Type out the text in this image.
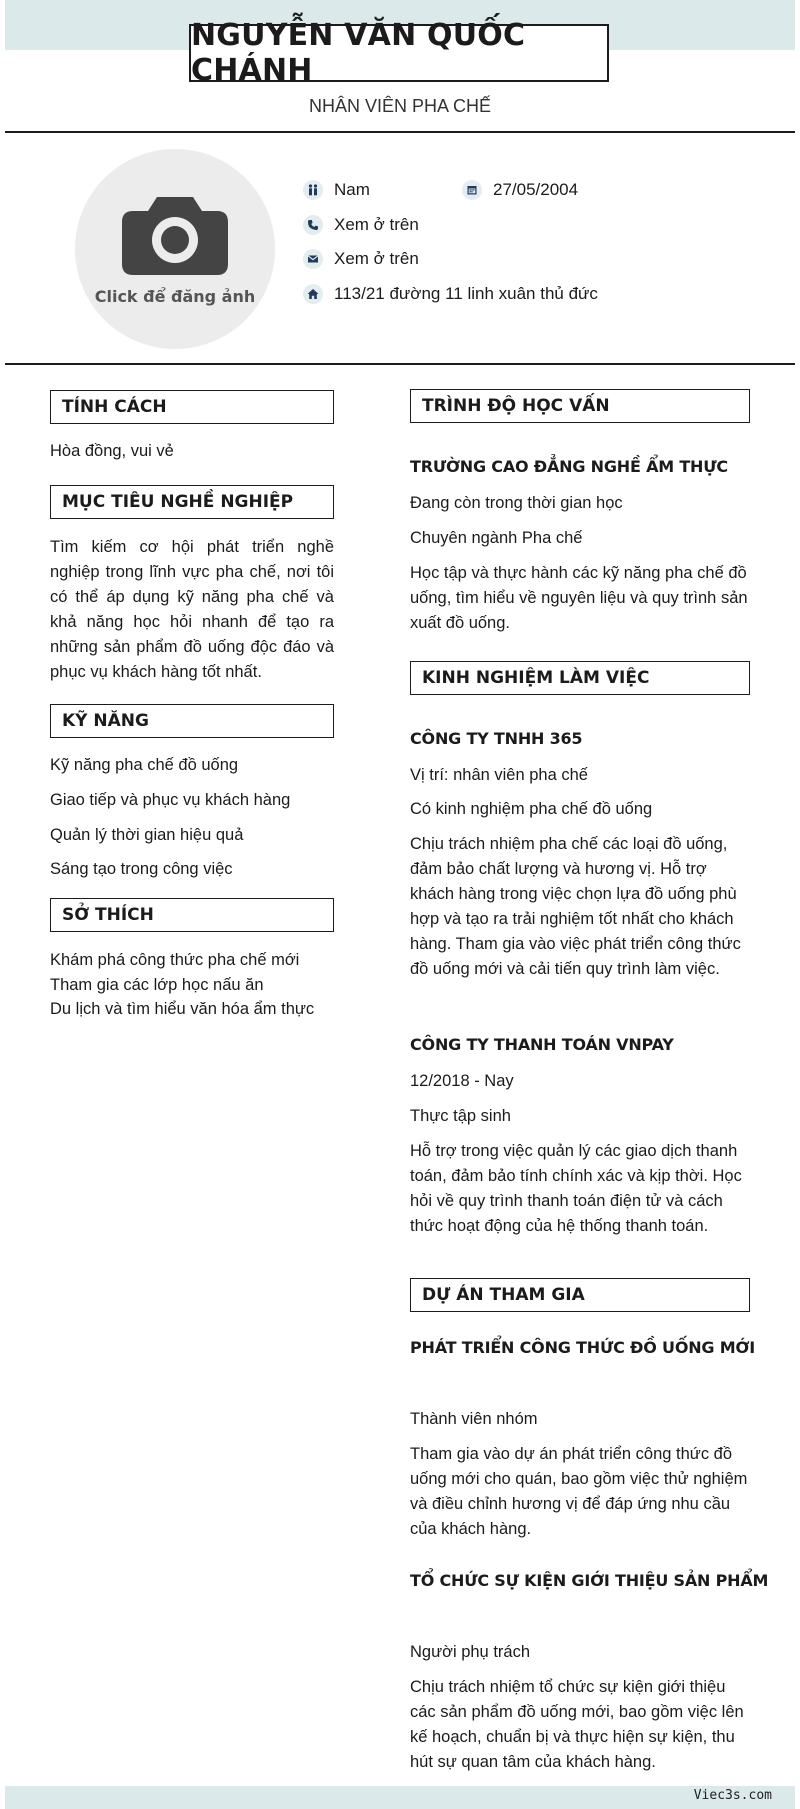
NGUYỄN VĂN QUỐC CHÁNH
NHÂN VIÊN PHA CHẾ
Click để đăng ảnh
Nam	27/05/2004
Xem ở trên
Xem ở trên
113/21 đường 11 linh xuân thủ đức
TÍNH CÁCH
Hòa đồng, vui vẻ
MỤC TIÊU NGHỀ NGHIỆP
Tìm kiếm cơ hội phát triển nghề nghiệp trong lĩnh vực pha chế, nơi tôi có thể áp dụng kỹ năng pha chế và khả năng học hỏi nhanh để tạo ra những sản phẩm đồ uống độc đáo và phục vụ khách hàng tốt nhất.
KỸ NĂNG
Kỹ năng pha chế đồ uống
Giao tiếp và phục vụ khách hàng
Quản lý thời gian hiệu quả
Sáng tạo trong công việc
SỞ THÍCH
Khám phá công thức pha chế mới
Tham gia các lớp học nấu ăn
Du lịch và tìm hiểu văn hóa ẩm thực
TRÌNH ĐỘ HỌC VẤN
TRƯỜNG CAO ĐẲNG NGHỀ ẨM THỰC
Đang còn trong thời gian học
Chuyên ngành Pha chế
Học tập và thực hành các kỹ năng pha chế đồ uống, tìm hiểu về nguyên liệu và quy trình sản xuất đồ uống.
KINH NGHIỆM LÀM VIỆC
CÔNG TY TNHH 365
Vị trí: nhân viên pha chế
Có kinh nghiệm pha chế đồ uống
Chịu trách nhiệm pha chế các loại đồ uống, đảm bảo chất lượng và hương vị. Hỗ trợ khách hàng trong việc chọn lựa đồ uống phù hợp và tạo ra trải nghiệm tốt nhất cho khách hàng. Tham gia vào việc phát triển công thức đồ uống mới và cải tiến quy trình làm việc.
CÔNG TY THANH TOÁN VNPAY
12/2018 - Nay
Thực tập sinh
Hỗ trợ trong việc quản lý các giao dịch thanh toán, đảm bảo tính chính xác và kịp thời. Học hỏi về quy trình thanh toán điện tử và cách thức hoạt động của hệ thống thanh toán.
DỰ ÁN THAM GIA
PHÁT TRIỂN CÔNG THỨC ĐỒ UỐNG MỚI
Thành viên nhóm
Tham gia vào dự án phát triển công thức đồ uống mới cho quán, bao gồm việc thử nghiệm và điều chỉnh hương vị để đáp ứng nhu cầu của khách hàng.
TỔ CHỨC SỰ KIỆN GIỚI THIỆU SẢN PHẨM
Người phụ trách
Chịu trách nhiệm tổ chức sự kiện giới thiệu các sản phẩm đồ uống mới, bao gồm việc lên kế hoạch, chuẩn bị và thực hiện sự kiện, thu hút sự quan tâm của khách hàng.
Viec3s.com
